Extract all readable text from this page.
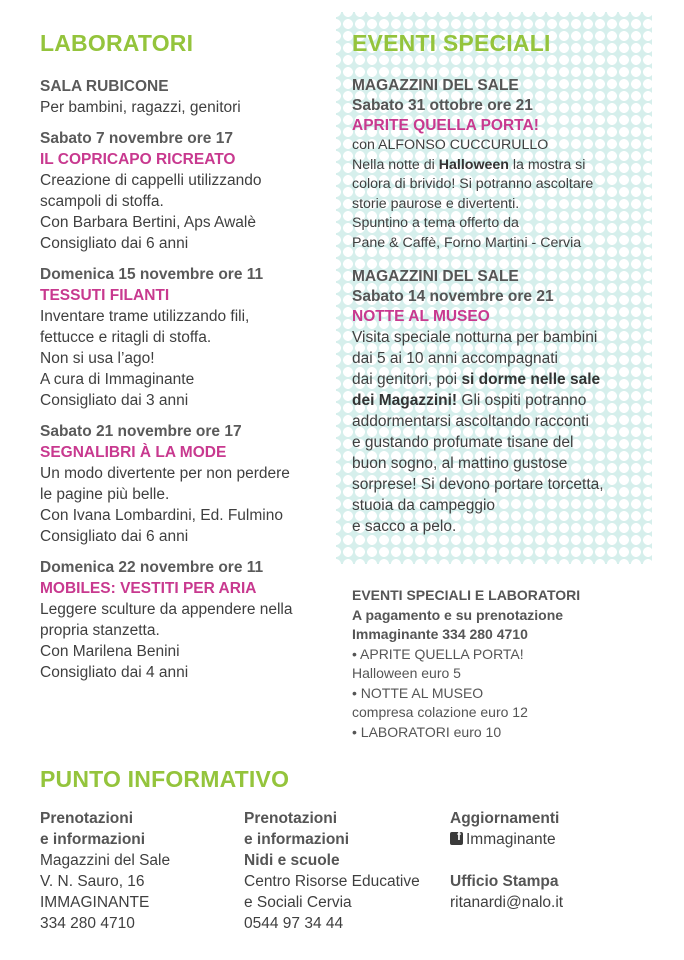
LABORATORI	EVENTI SPECIALI
SALA RUBICONE
Per bambini, ragazzi, genitori
Sabato 7 novembre ore 17
IL COPRICAPO RICREATO
Creazione di cappelli utilizzando
scampoli di stoffa.
Con Barbara Bertini, Aps Awalè
Consigliato dai 6 anni
Domenica 15 novembre ore 11
TESSUTI FILANTI
Inventare trame utilizzando fili,
fettucce e ritagli di stoffa.
Non si usa l’ago!
A cura di Immaginante
Consigliato dai 3 anni
Sabato 21 novembre ore 17
SEGNALIBRI À LA MODE
Un modo divertente per non perdere
le pagine più belle.
Con Ivana Lombardini, Ed. Fulmino
Consigliato dai 6 anni
Domenica 22 novembre ore 11
MOBILES: VESTITI PER ARIA
Leggere sculture da appendere nella
propria stanzetta.
Con Marilena Benini
Consigliato dai 4 anni
MAGAZZINI DEL SALE
Sabato 31 ottobre ore 21
APRITE QUELLA PORTA!
con ALFONSO CUCCURULLO
Nella notte di Halloween la mostra si
colora di brivido! Si potranno ascoltare
storie paurose e divertenti.
Spuntino a tema offerto da
Pane & Caffè, Forno Martini - Cervia
MAGAZZINI DEL SALE
Sabato 14 novembre ore 21
NOTTE AL MUSEO
Visita speciale notturna per bambini
dai 5 ai 10 anni accompagnati
dai genitori, poi si dorme nelle sale
dei Magazzini! Gli ospiti potranno
addormentarsi ascoltando racconti
e gustando profumate tisane del
buon sogno, al mattino gustose
sorprese! Si devono portare torcetta,
stuoia da campeggio
e sacco a pelo.
EVENTI SPECIALI E LABORATORI
A pagamento e su prenotazione
Immaginante 334 280 4710
• APRITE QUELLA PORTA!
Halloween euro 5
• NOTTE AL MUSEO
compresa colazione euro 12
• LABORATORI euro 10
PUNTO INFORMATIVO
Prenotazioni
e informazioni
Magazzini del Sale
V. N. Sauro, 16
IMMAGINANTE
334 280 4710
Prenotazioni
e informazioni
Nidi e scuole
Centro Risorse Educative
e Sociali Cervia
0544 97 34 44
Aggiornamenti
fImmaginante
Ufficio Stampa
ritanardi@nalo.it
